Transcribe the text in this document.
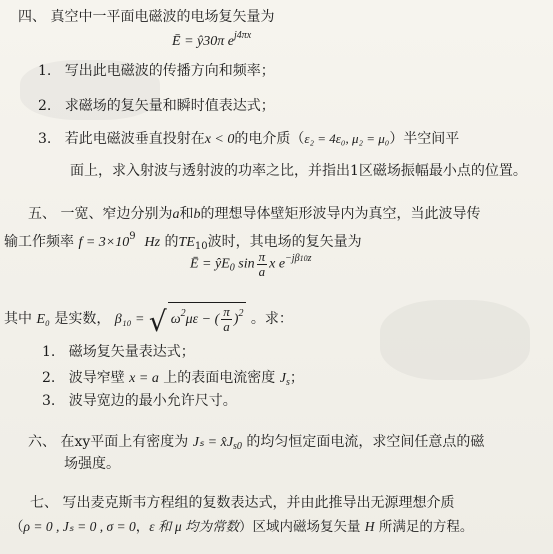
四、 真空中一平面电磁波的电场复矢量为
Ē = ŷ30π $e^{j4\pi x}$
1. 写出此电磁波的传播方向和频率；
2. 求磁场的复矢量和瞬时值表达式；
3. 若此电磁波垂直投射在x < 0的电介质（ε₂ = 4ε₀, μ₂ = μ₀）半空间平
面上，求入射波与透射波的功率之比，并指出1区磁场振幅最小点的位置。
五、 一宽、窄边分别为a和b的理想导体壁矩形波导内为真空，当此波导传
输工作频率 $f = 3\times 10^9$ Hz 的$TE_{10}$波时，其电场的复矢量为
Ē = $ŷE_0$ $\sin \frac{\pi}{a}$ x $e^{-j\beta 10z}$
其中 E₀ 是实数， β₁₀ = √ $\omega^2\mu\varepsilon$ − ( $\frac{\pi}{a} )^2$ 。求：
1. 磁场复矢量表达式；
2. 波导窄壁 x = a 上的表面电流密度 $J_s$；
3. 波导宽边的最小允许尺寸。
六、 在xy平面上有密度为 $J_s = x̂J_{s0}$ 的均匀恒定面电流，求空间任意点的磁
场强度。
七、 写出麦克斯韦方程组的复数表达式，并由此推导出无源理想介质
（ρ = 0 , Jₛ = 0 , σ = 0，ε 和 μ 均为常数）区域内磁场复矢量 H 所满足的方程。
